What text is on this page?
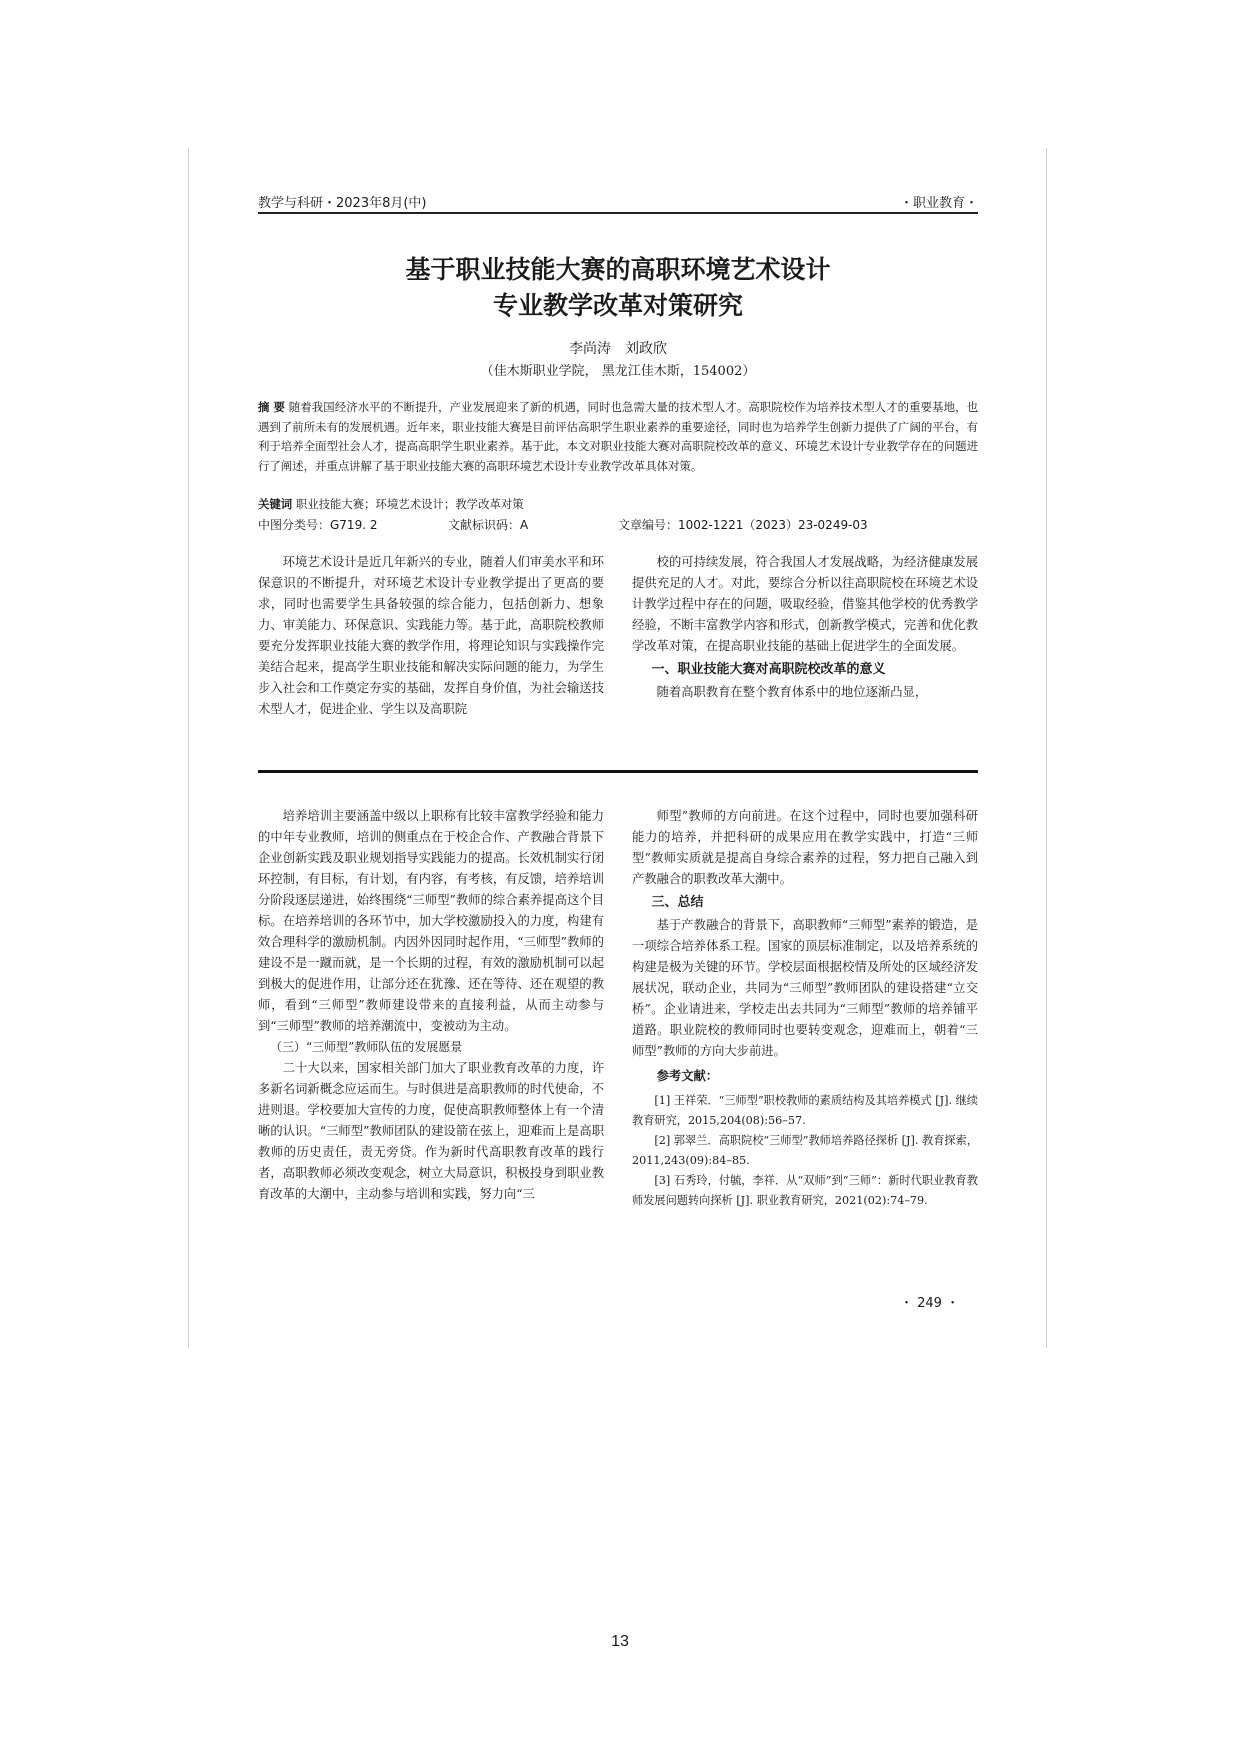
教学与科研・2023年8月(中)	・职业教育・
基于职业技能大赛的高职环境艺术设计
专业教学改革对策研究
李尚涛　刘政欣
（佳木斯职业学院， 黑龙江佳木斯，154002）
摘 要 随着我国经济水平的不断提升，产业发展迎来了新的机遇，同时也急需大量的技术型人才。高职院校作为培养技术型人才的重要基地，也遇到了前所未有的发展机遇。近年来，职业技能大赛是目前评估高职学生职业素养的重要途径，同时也为培养学生创新力提供了广阔的平台，有利于培养全面型社会人才，提高高职学生职业素养。基于此，本文对职业技能大赛对高职院校改革的意义、环境艺术设计专业教学存在的问题进行了阐述，并重点讲解了基于职业技能大赛的高职环境艺术设计专业教学改革具体对策。
关键词 职业技能大赛；环境艺术设计；教学改革对策
中图分类号：G719. 2	文献标识码：A	文章编号：1002-1221（2023）23-0249-03

环境艺术设计是近几年新兴的专业，随着人们审美水平和环保意识的不断提升，对环境艺术设计专业教学提出了更高的要求，同时也需要学生具备较强的综合能力，包括创新力、想象力、审美能力、环保意识、实践能力等。基于此，高职院校教师要充分发挥职业技能大赛的教学作用，将理论知识与实践操作完美结合起来，提高学生职业技能和解决实际问题的能力，为学生步入社会和工作奠定夯实的基础，发挥自身价值，为社会输送技术型人才，促进企业、学生以及高职院

校的可持续发展，符合我国人才发展战略，为经济健康发展提供充足的人才。对此，要综合分析以往高职院校在环境艺术设计教学过程中存在的问题，吸取经验，借鉴其他学校的优秀教学经验，不断丰富教学内容和形式，创新教学模式，完善和优化教学改革对策，在提高职业技能的基础上促进学生的全面发展。

一、职业技能大赛对高职院校改革的意义

随着高职教育在整个教育体系中的地位逐渐凸显，

培养培训主要涵盖中级以上职称有比较丰富教学经验和能力的中年专业教师，培训的侧重点在于校企合作、产教融合背景下企业创新实践及职业规划指导实践能力的提高。长效机制实行闭环控制，有目标，有计划，有内容，有考核，有反馈，培养培训分阶段逐层递进，始终围绕“三师型”教师的综合素养提高这个目标。在培养培训的各环节中，加大学校激励投入的力度，构建有效合理科学的激励机制。内因外因同时起作用，“三师型”教师的建设不是一蹴而就，是一个长期的过程，有效的激励机制可以起到极大的促进作用，让部分还在犹豫、还在等待、还在观望的教师，看到“三师型”教师建设带来的直接利益，从而主动参与到“三师型”教师的培养潮流中，变被动为主动。

（三）“三师型”教师队伍的发展愿景

二十大以来，国家相关部门加大了职业教育改革的力度，许多新名词新概念应运而生。与时俱进是高职教师的时代使命，不进则退。学校要加大宣传的力度，促使高职教师整体上有一个清晰的认识。“三师型”教师团队的建设箭在弦上，迎难而上是高职教师的历史责任，责无旁贷。作为新时代高职教育改革的践行者，高职教师必须改变观念，树立大局意识，积极投身到职业教育改革的大潮中，主动参与培训和实践，努力向“三

师型”教师的方向前进。在这个过程中，同时也要加强科研能力的培养，并把科研的成果应用在教学实践中，打造“三师型”教师实质就是提高自身综合素养的过程，努力把自己融入到产教融合的职教改革大潮中。

三、总结

基于产教融合的背景下，高职教师“三师型”素养的锻造，是一项综合培养体系工程。国家的顶层标准制定，以及培养系统的构建是极为关键的环节。学校层面根据校情及所处的区域经济发展状况，联动企业，共同为“三师型”教师团队的建设搭建“立交桥”。企业请进来，学校走出去共同为“三师型”教师的培养铺平道路。职业院校的教师同时也要转变观念，迎难而上，朝着“三师型”教师的方向大步前进。

参考文献：

[1] 王祥荣．“三师型”职校教师的素质结构及其培养模式 [J]. 继续教育研究，2015,204(08):56–57.

[2] 郭翠兰．高职院校“三师型”教师培养路径探析 [J]. 教育探索，2011,243(09):84–85.

[3] 石秀玲，付毓，李祥．从“双师”到“三师”：新时代职业教育教师发展问题转向探析 [J]. 职业教育研究，2021(02):74–79.

・ 249 ・
13
